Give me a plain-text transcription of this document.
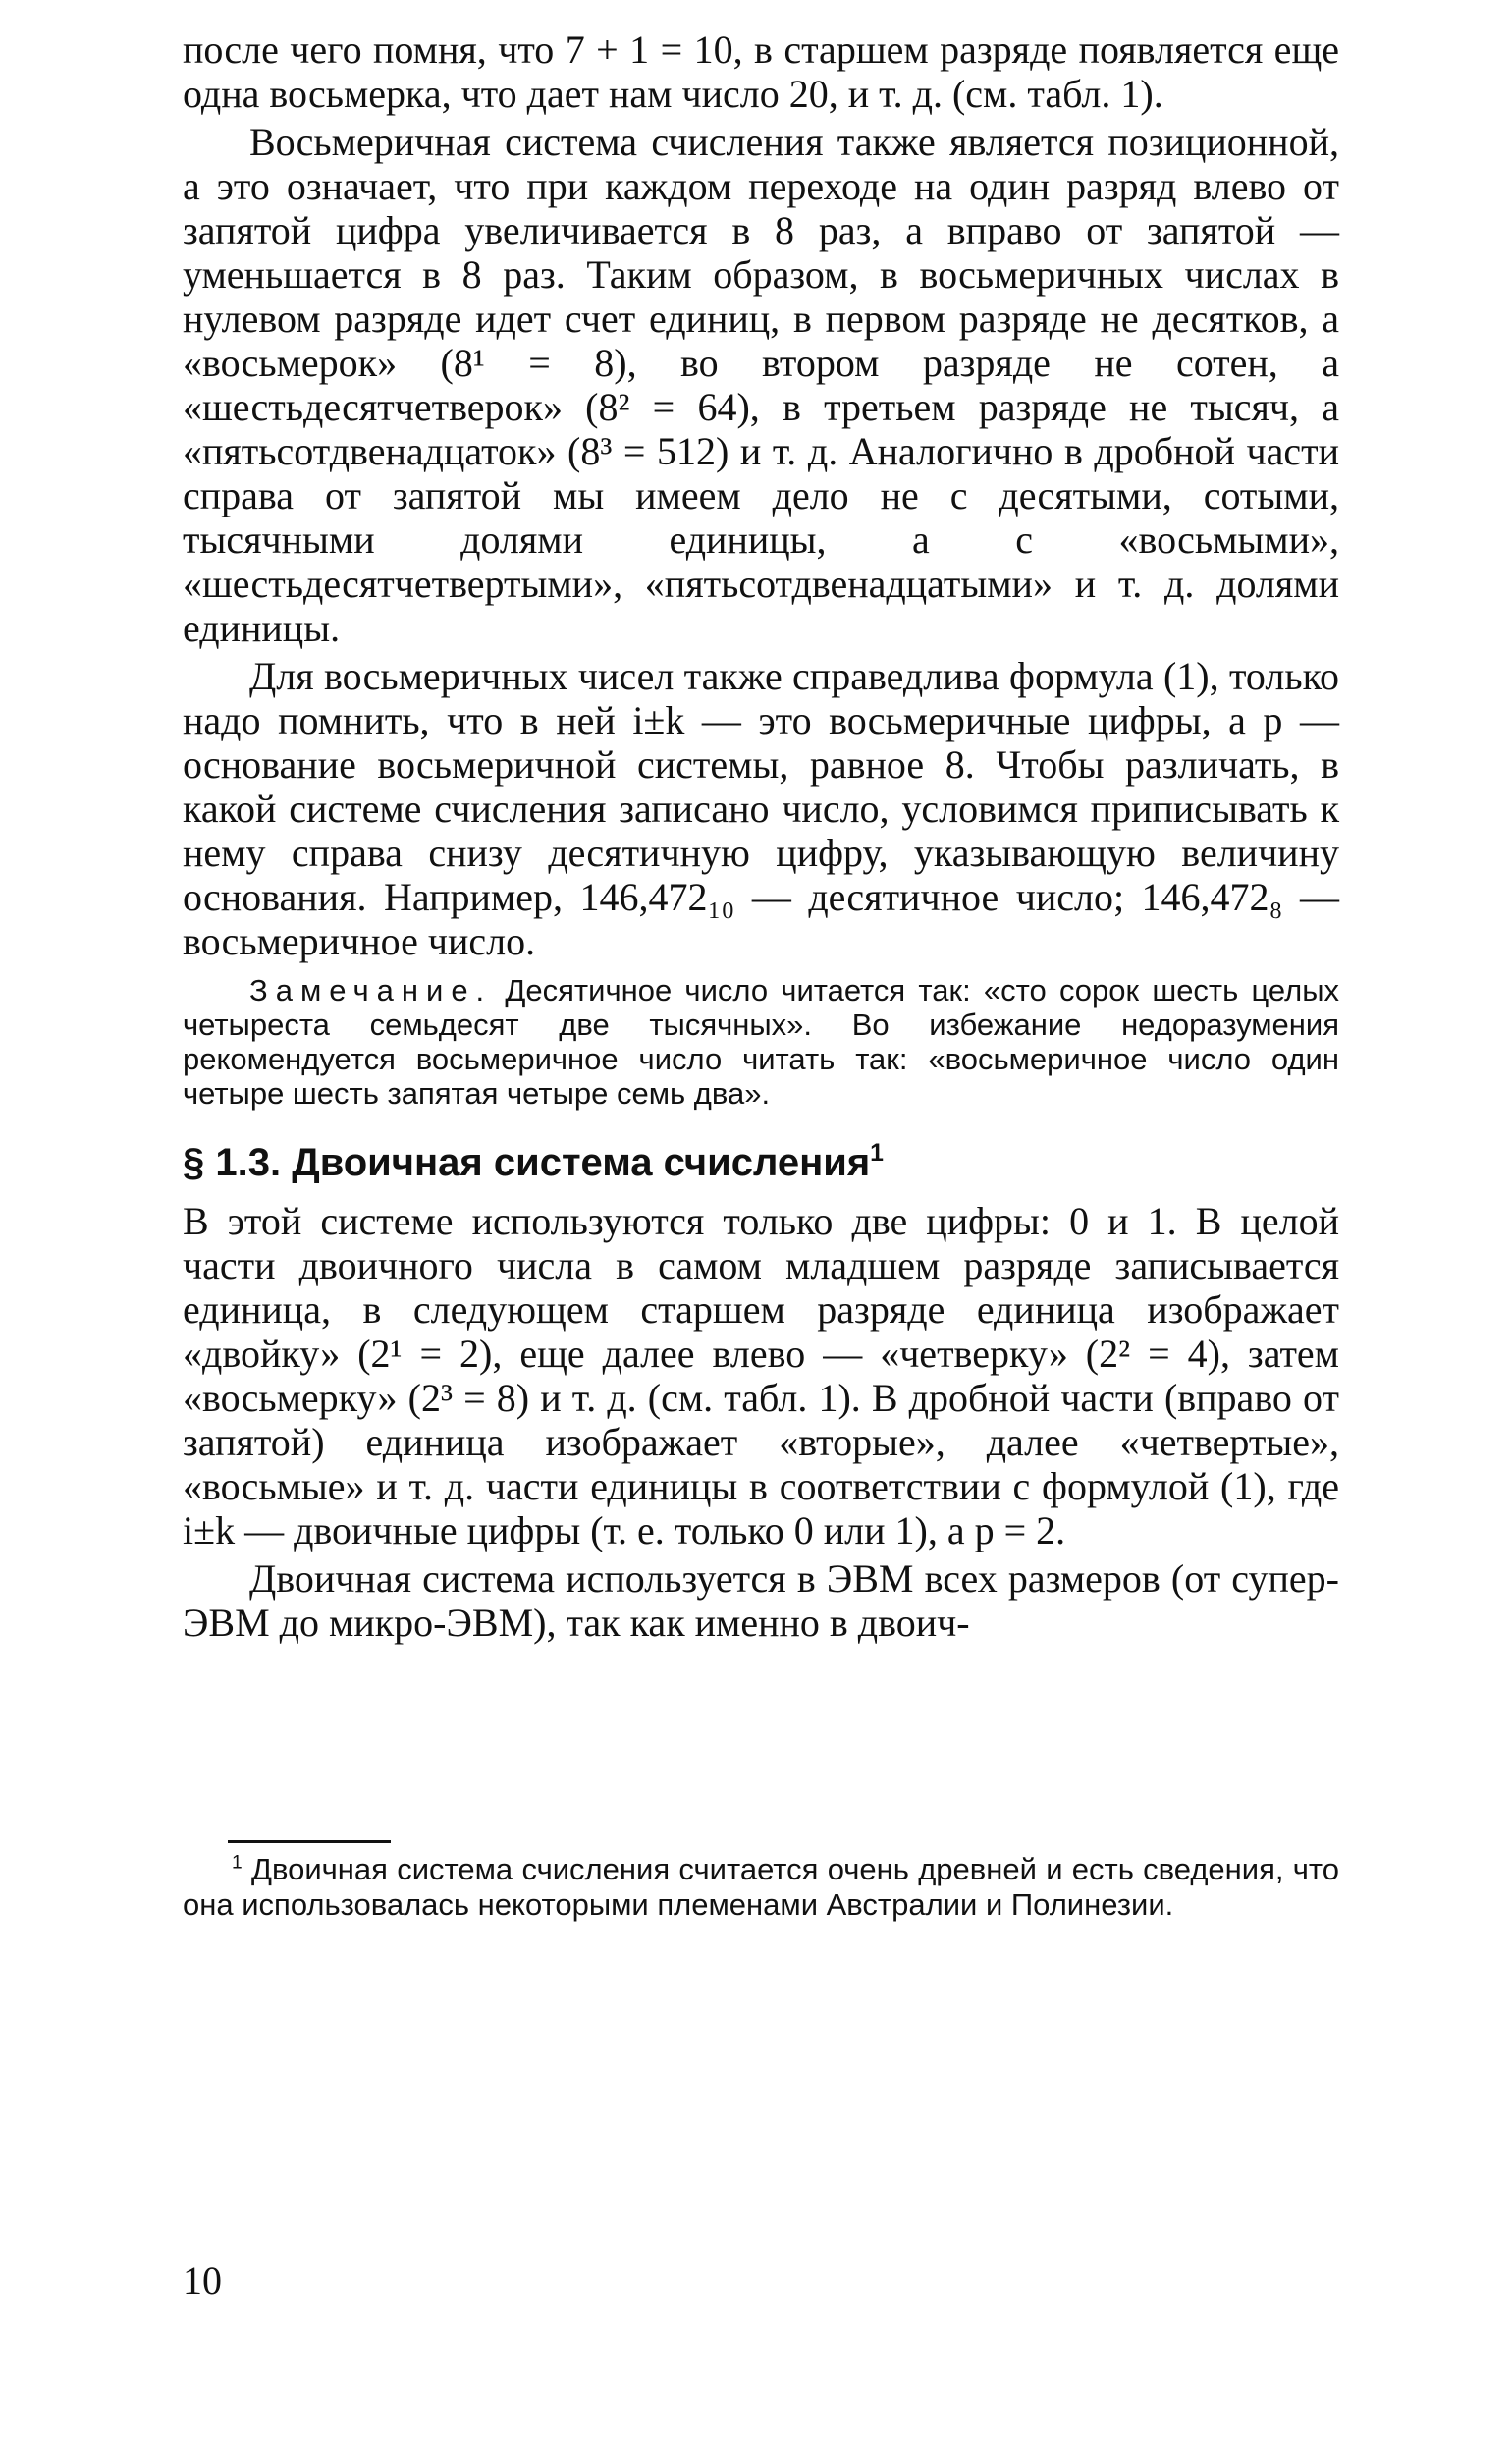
после чего помня, что 7 + 1 = 10, в старшем разряде появляется еще одна восьмерка, что дает нам число 20, и т. д. (см. табл. 1).

Восьмеричная система счисления также является позиционной, а это означает, что при каждом переходе на один разряд влево от запятой цифра увеличивается в 8 раз, а вправо от запятой — уменьшается в 8 раз. Таким образом, в восьмеричных числах в нулевом разряде идет счет единиц, в первом разряде не десятков, а «восьмерок» (8¹ = 8), во втором разряде не сотен, а «шестьдесятчетверок» (8² = 64), в третьем разряде не тысяч, а «пятьсотдвенадцаток» (8³ = 512) и т. д. Аналогично в дробной части справа от запятой мы имеем дело не с десятыми, сотыми, тысячными долями единицы, а с «восьмыми», «шестьдесятчетвертыми», «пятьсотдвенадцатыми» и т. д. долями единицы.

Для восьмеричных чисел также справедлива формула (1), только надо помнить, что в ней i±k — это восьмеричные цифры, а p — основание восьмеричной системы, равное 8. Чтобы различать, в какой системе счисления записано число, условимся приписывать к нему справа снизу десятичную цифру, указывающую величину основания. Например, 146,472₁₀ — десятичное число; 146,472₈ — восьмеричное число.

Замечание. Десятичное число читается так: «сто сорок шесть целых четыреста семьдесят две тысячных». Во избежание недоразумения рекомендуется восьмеричное число читать так: «восьмеричное число один четыре шесть запятая четыре семь два».

§ 1.3. Двоичная система счисления$^1$

В этой системе используются только две цифры: 0 и 1. В целой части двоичного числа в самом младшем разряде записывается единица, в следующем старшем разряде единица изображает «двойку» (2¹ = 2), еще далее влево — «четверку» (2² = 4), затем «восьмерку» (2³ = 8) и т. д. (см. табл. 1). В дробной части (вправо от запятой) единица изображает «вторые», далее «четвертые», «восьмые» и т. д. части единицы в соответствии с формулой (1), где i±k — двоичные цифры (т. е. только 0 или 1), а p = 2.

Двоичная система используется в ЭВМ всех размеров (от супер-ЭВМ до микро-ЭВМ), так как именно в двоич-

$^1$ Двоичная система счисления считается очень древней и есть сведения, что она использовалась некоторыми племенами Австралии и Полинезии.

10
